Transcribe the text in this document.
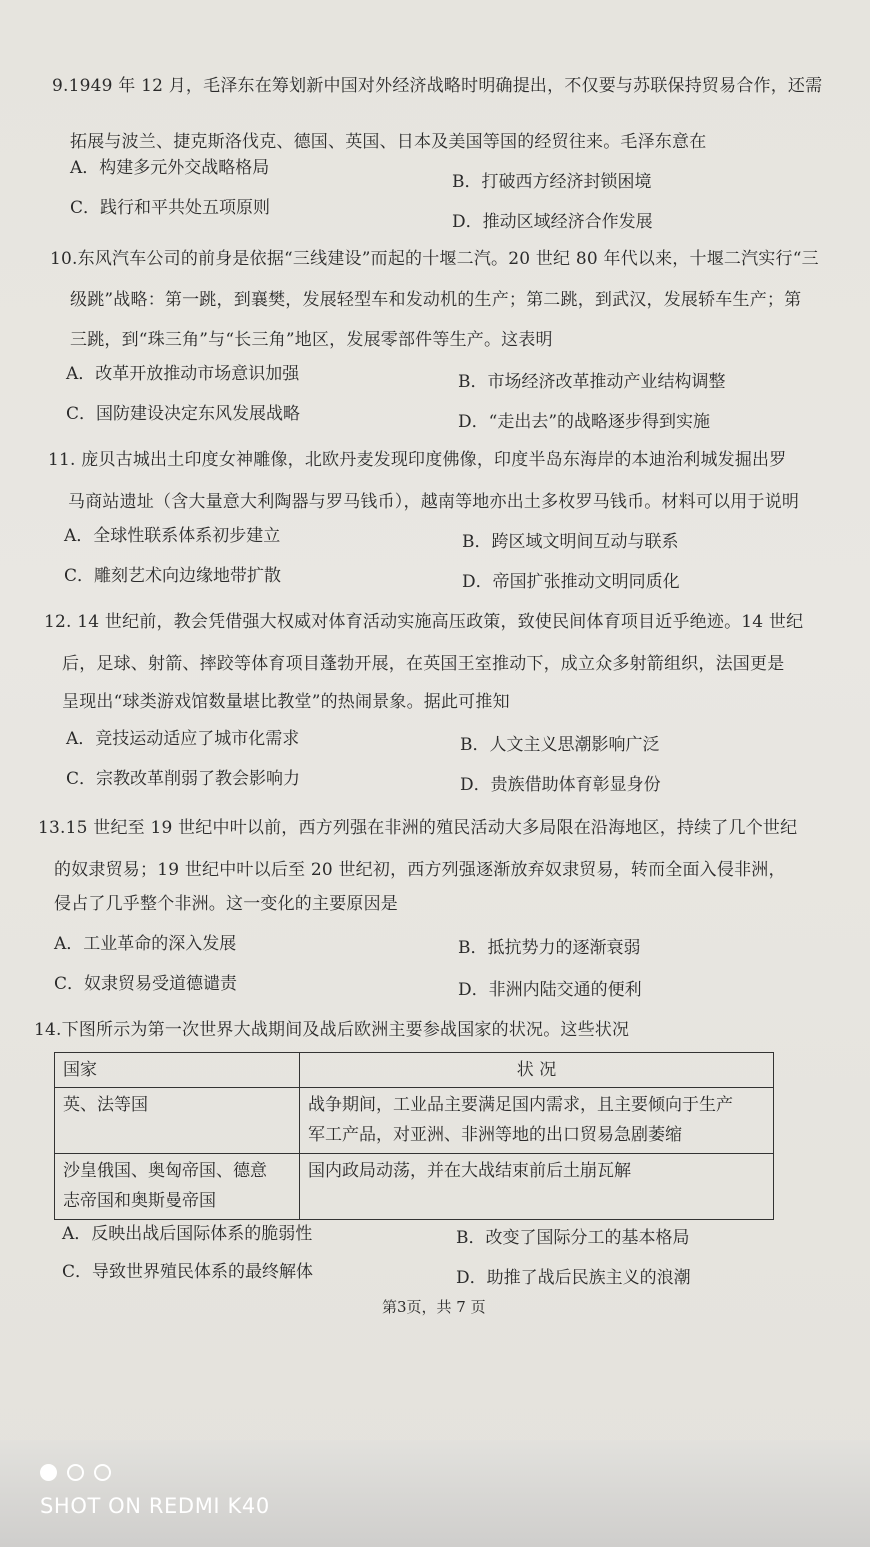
9.1949 年 12 月，毛泽东在筹划新中国对外经济战略时明确提出，不仅要与苏联保持贸易合作，还需
拓展与波兰、捷克斯洛伐克、德国、英国、日本及美国等国的经贸往来。毛泽东意在
A．构建多元外交战略格局
B．打破西方经济封锁困境
C．践行和平共处五项原则
D．推动区域经济合作发展
10.东风汽车公司的前身是依据“三线建设”而起的十堰二汽。20 世纪 80 年代以来，十堰二汽实行“三
级跳”战略：第一跳，到襄樊，发展轻型车和发动机的生产；第二跳，到武汉，发展轿车生产；第
三跳，到“珠三角”与“长三角”地区，发展零部件等生产。这表明
A．改革开放推动市场意识加强	B．市场经济改革推动产业结构调整
C．国防建设决定东风发展战略	D．“走出去”的战略逐步得到实施
11. 庞贝古城出土印度女神雕像，北欧丹麦发现印度佛像，印度半岛东海岸的本迪治利城发掘出罗
马商站遗址（含大量意大利陶器与罗马钱币），越南等地亦出土多枚罗马钱币。材料可以用于说明
A．全球性联系体系初步建立	B．跨区域文明间互动与联系
C．雕刻艺术向边缘地带扩散	D．帝国扩张推动文明同质化
12. 14 世纪前，教会凭借强大权威对体育活动实施高压政策，致使民间体育项目近乎绝迹。14 世纪
后，足球、射箭、摔跤等体育项目蓬勃开展，在英国王室推动下，成立众多射箭组织，法国更是
呈现出“球类游戏馆数量堪比教堂”的热闹景象。据此可推知
A．竞技运动适应了城市化需求	B．人文主义思潮影响广泛
C．宗教改革削弱了教会影响力	D．贵族借助体育彰显身份
13.15 世纪至 19 世纪中叶以前，西方列强在非洲的殖民活动大多局限在沿海地区，持续了几个世纪
的奴隶贸易；19 世纪中叶以后至 20 世纪初，西方列强逐渐放弃奴隶贸易，转而全面入侵非洲，
侵占了几乎整个非洲。这一变化的主要原因是
A．工业革命的深入发展	B．抵抗势力的逐渐衰弱
C．奴隶贸易受道德谴责	D．非洲内陆交通的便利
14.下图所示为第一次世界大战期间及战后欧洲主要参战国家的状况。这些状况
国家	状 况
英、法等国	战争期间，工业品主要满足国内需求，且主要倾向于生产
军工产品，对亚洲、非洲等地的出口贸易急剧萎缩

沙皇俄国、奥匈帝国、德意
志帝国和奥斯曼帝国	国内政局动荡，并在大战结束前后土崩瓦解
A．反映出战后国际体系的脆弱性	B．改变了国际分工的基本格局
C．导致世界殖民体系的最终解体	D．助推了战后民族主义的浪潮
第3页，共 7 页
SHOT ON REDMI K40
